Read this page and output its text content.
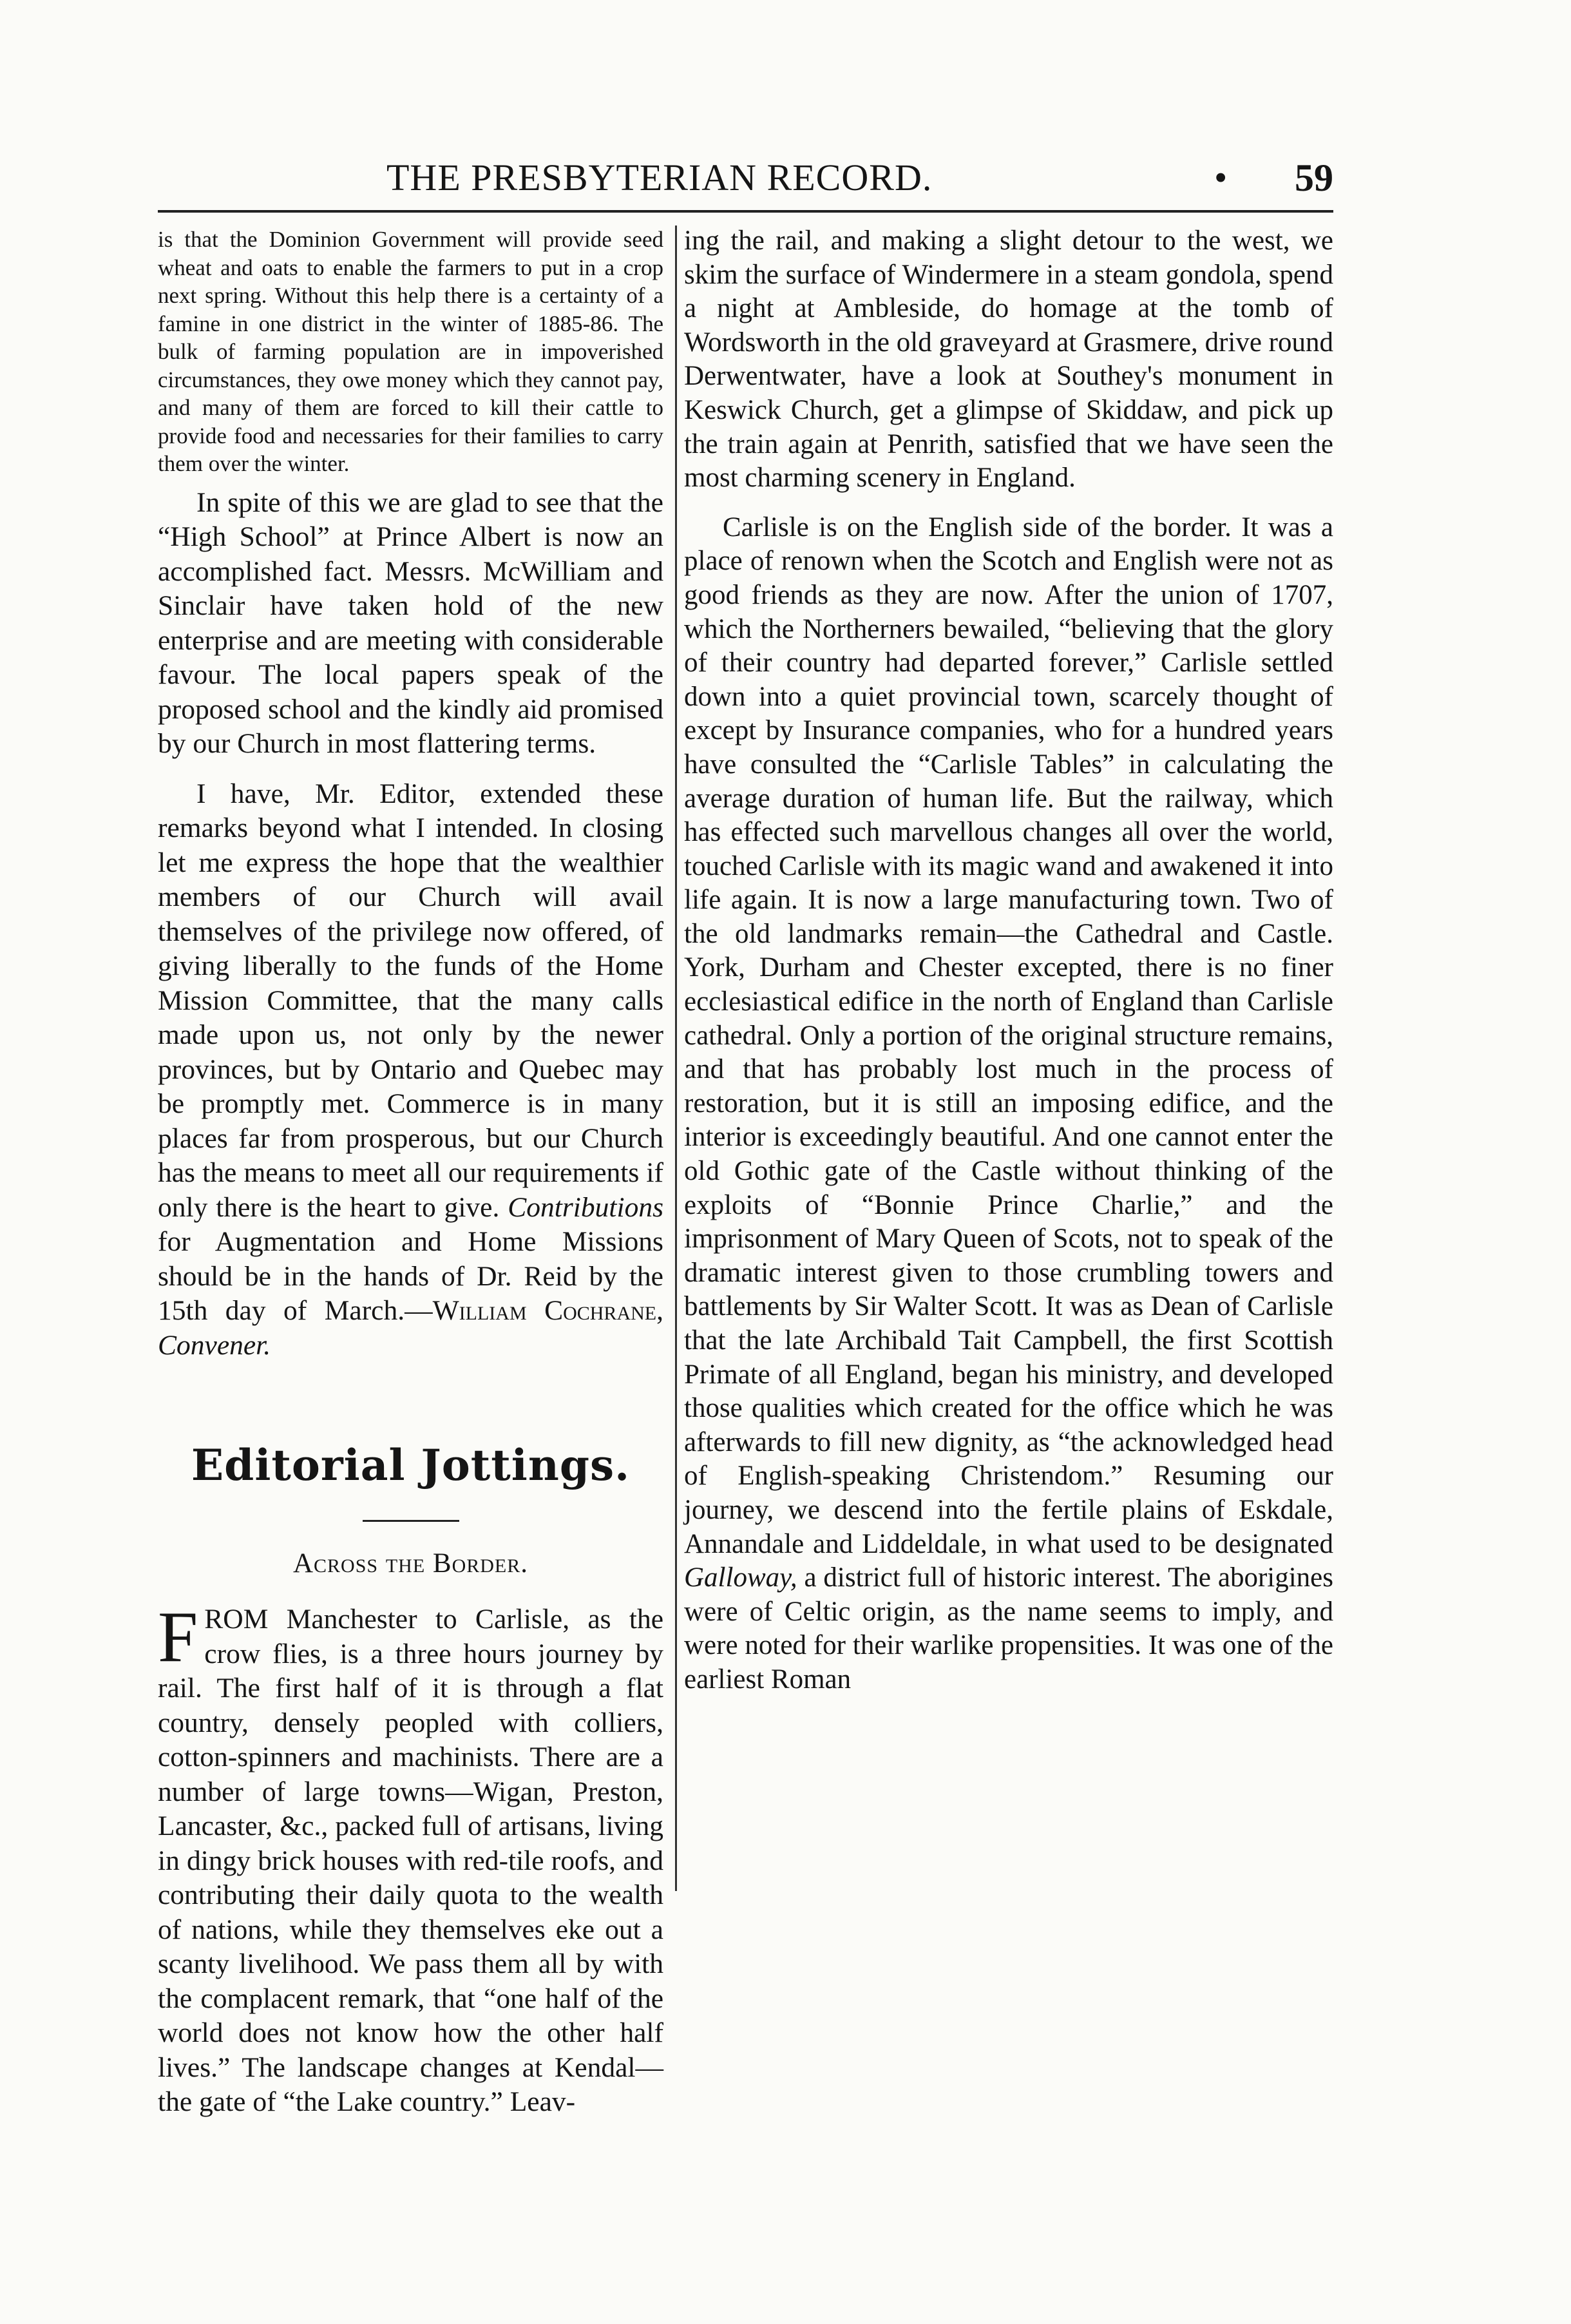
THE PRESBYTERIAN RECORD.	• 59

is that the Dominion Government will provide seed wheat and oats to enable the farmers to put in a crop next spring. Without this help there is a certainty of a famine in one district in the winter of 1885-86. The bulk of farming population are in impoverished circumstances, they owe money which they cannot pay, and many of them are forced to kill their cattle to provide food and necessaries for their families to carry them over the winter.

In spite of this we are glad to see that the “High School” at Prince Albert is now an accomplished fact. Messrs. McWilliam and Sinclair have taken hold of the new enterprise and are meeting with considerable favour. The local papers speak of the proposed school and the kindly aid promised by our Church in most flattering terms.

I have, Mr. Editor, extended these remarks beyond what I intended. In closing let me express the hope that the wealthier members of our Church will avail themselves of the privilege now offered, of giving liberally to the funds of the Home Mission Committee, that the many calls made upon us, not only by the newer provinces, but by Ontario and Quebec may be promptly met. Commerce is in many places far from prosperous, but our Church has the means to meet all our requirements if only there is the heart to give. Contributions for Augmentation and Home Missions should be in the hands of Dr. Reid by the 15th day of March.—William Cochrane, Convener.

Editorial Jottings.
Across the Border.

FROM Manchester to Carlisle, as the crow flies, is a three hours journey by rail. The first half of it is through a flat country, densely peopled with colliers, cotton-spinners and machinists. There are a number of large towns—Wigan, Preston, Lancaster, &c., packed full of artisans, living in dingy brick houses with red-tile roofs, and contributing their daily quota to the wealth of nations, while they themselves eke out a scanty livelihood. We pass them all by with the complacent remark, that “one half of the world does not know how the other half lives.” The landscape changes at Kendal—the gate of “the Lake country.” Leav-

ing the rail, and making a slight detour to the west, we skim the surface of Windermere in a steam gondola, spend a night at Ambleside, do homage at the tomb of Wordsworth in the old graveyard at Grasmere, drive round Derwentwater, have a look at Southey's monument in Keswick Church, get a glimpse of Skiddaw, and pick up the train again at Penrith, satisfied that we have seen the most charming scenery in England.

Carlisle is on the English side of the border. It was a place of renown when the Scotch and English were not as good friends as they are now. After the union of 1707, which the Northerners bewailed, “believing that the glory of their country had departed forever,” Carlisle settled down into a quiet provincial town, scarcely thought of except by Insurance companies, who for a hundred years have consulted the “Carlisle Tables” in calculating the average duration of human life. But the railway, which has effected such marvellous changes all over the world, touched Carlisle with its magic wand and awakened it into life again. It is now a large manufacturing town. Two of the old landmarks remain—the Cathedral and Castle. York, Durham and Chester excepted, there is no finer ecclesiastical edifice in the north of England than Carlisle cathedral. Only a portion of the original structure remains, and that has probably lost much in the process of restoration, but it is still an imposing edifice, and the interior is exceedingly beautiful. And one cannot enter the old Gothic gate of the Castle without thinking of the exploits of “Bonnie Prince Charlie,” and the imprisonment of Mary Queen of Scots, not to speak of the dramatic interest given to those crumbling towers and battlements by Sir Walter Scott. It was as Dean of Carlisle that the late Archibald Tait Campbell, the first Scottish Primate of all England, began his ministry, and developed those qualities which created for the office which he was afterwards to fill new dignity, as “the acknowledged head of English-speaking Christendom.” Resuming our journey, we descend into the fertile plains of Eskdale, Annandale and Liddeldale, in what used to be designated Galloway, a district full of historic interest. The aborigines were of Celtic origin, as the name seems to imply, and were noted for their warlike propensities. It was one of the earliest Roman
